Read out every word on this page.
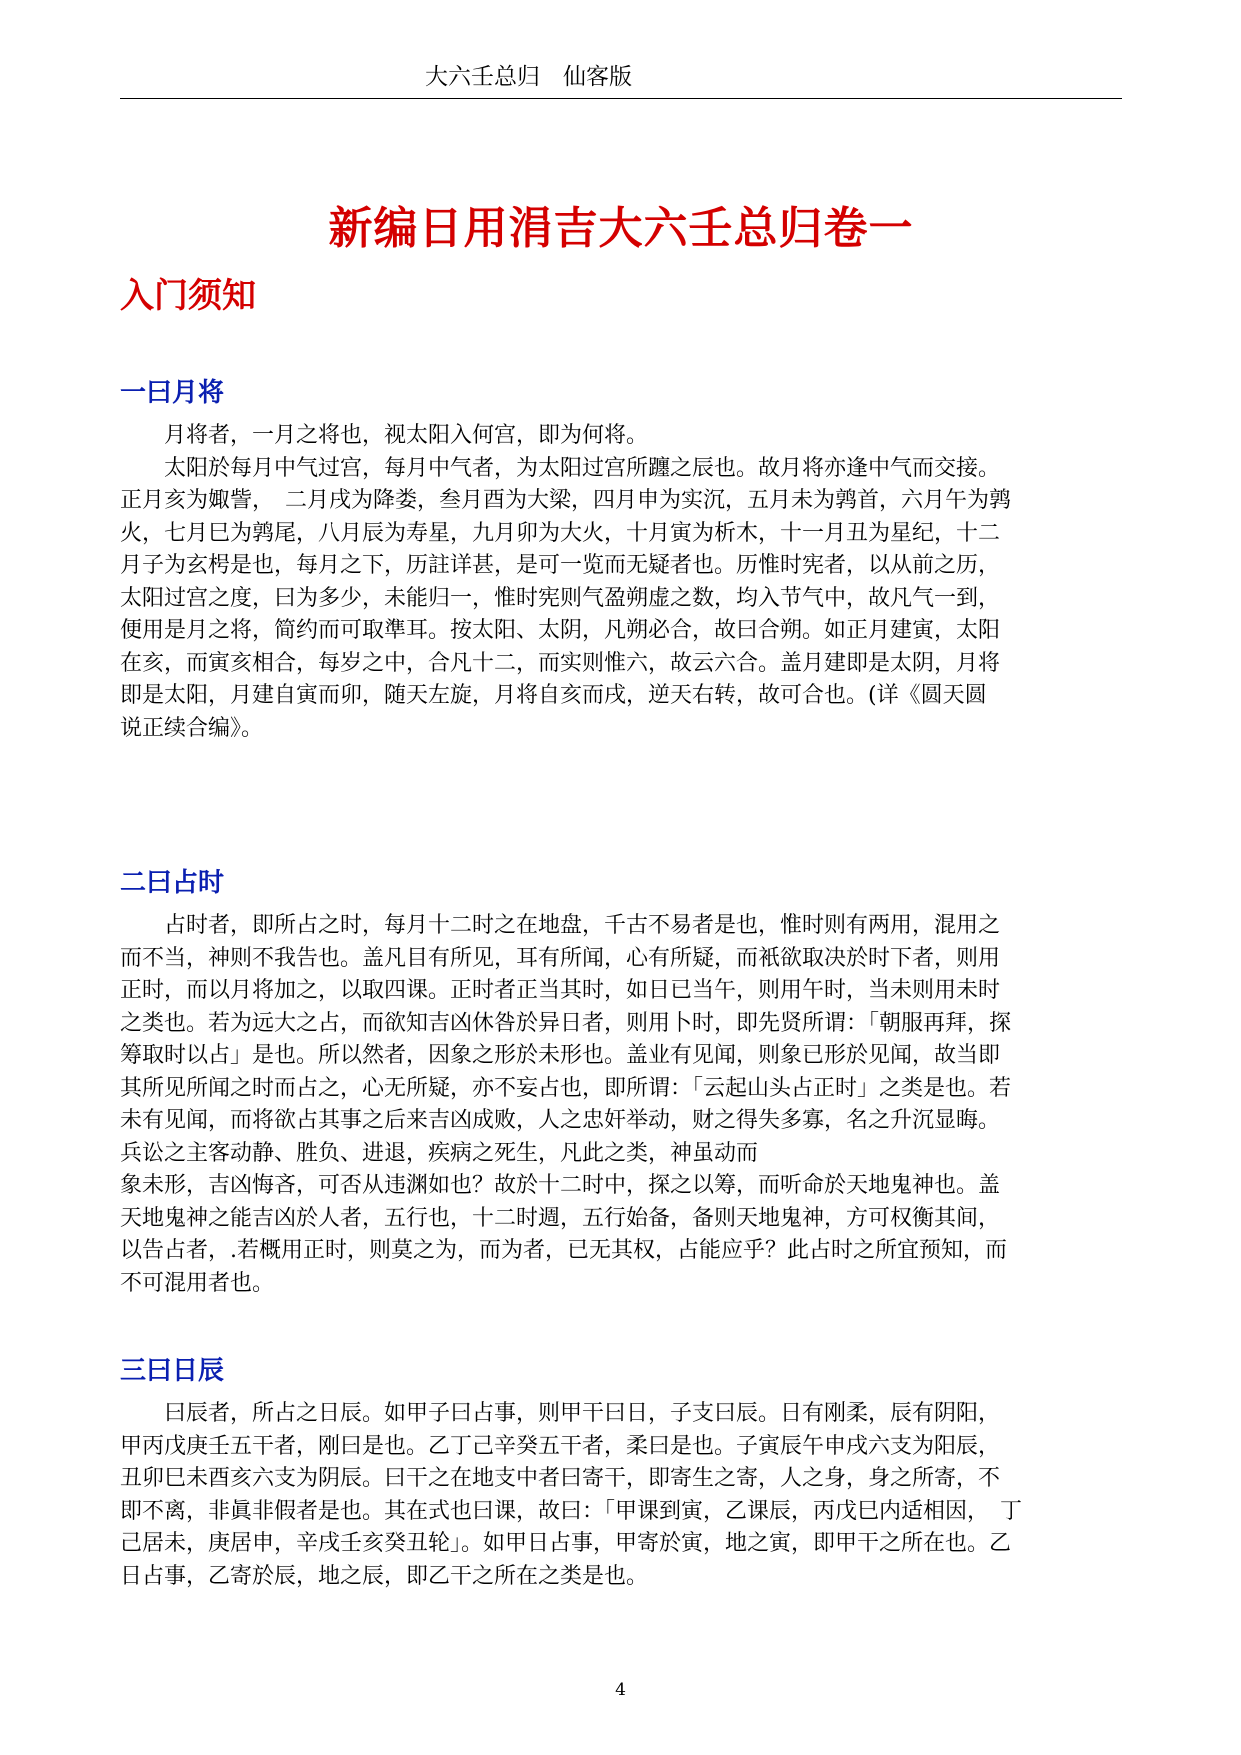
大六壬总归　仙客版
新编日用涓吉大六壬总归卷一
入门须知
一曰月将
　　月将者，一月之将也，视太阳入何宫，即为何将。
　　太阳於每月中气过宫，每月中气者，为太阳过宫所躔之辰也。故月将亦逢中气而交接。
正月亥为娵訾，　二月戌为降娄，叁月酉为大梁，四月申为实沉，五月未为鹑首，六月午为鹑
火，七月巳为鹑尾，八月辰为寿星，九月卯为大火，十月寅为析木，十一月丑为星纪，十二
月子为玄枵是也，每月之下，历註详甚，是可一览而无疑者也。历惟时宪者，以从前之历，
太阳过宫之度，曰为多少，未能归一，惟时宪则气盈朔虚之数，均入节气中，故凡气一到，
便用是月之将，简约而可取準耳。按太阳、太阴，凡朔必合，故曰合朔。如正月建寅，太阳
在亥，而寅亥相合，每岁之中，合凡十二，而实则惟六，故云六合。盖月建即是太阴，月将
即是太阳，月建自寅而卯，随天左旋，月将自亥而戌，逆天右转，故可合也。(详《圆天圆
说正续合编》。
二曰占时
　　占时者，即所占之时，每月十二时之在地盘，千古不易者是也，惟时则有两用，混用之
而不当，神则不我告也。盖凡目有所见，耳有所闻，心有所疑，而衹欲取决於时下者，则用
正时，而以月将加之，以取四课。正时者正当其时，如日已当午，则用午时，当未则用未时
之类也。若为远大之占，而欲知吉凶休咎於异日者，则用卜时，即先贤所谓：「朝服再拜，探
筹取时以占」是也。所以然者，因象之形於未形也。盖业有见闻，则象已形於见闻，故当即
其所见所闻之时而占之，心无所疑，亦不妄占也，即所谓：「云起山头占正时」之类是也。若
未有见闻，而将欲占其事之后来吉凶成败，人之忠奸举动，财之得失多寡，名之升沉显晦。
兵讼之主客动静、胜负、进退，疾病之死生，凡此之类，神虽动而
象未形，吉凶悔吝，可否从违渊如也？故於十二时中，探之以筹，而听命於天地鬼神也。盖
天地鬼神之能吉凶於人者，五行也，十二时週，五行始备，备则天地鬼神，方可权衡其间，
以告占者，.若概用正时，则莫之为，而为者，已无其权，占能应乎？此占时之所宜预知，而
不可混用者也。
三曰日辰
　　曰辰者，所占之日辰。如甲子曰占事，则甲干曰日，子支曰辰。日有刚柔，辰有阴阳，
甲丙戊庚壬五干者，刚曰是也。乙丁己辛癸五干者，柔曰是也。子寅辰午申戌六支为阳辰，
丑卯巳未酉亥六支为阴辰。曰干之在地支中者曰寄干，即寄生之寄，人之身，身之所寄，不
即不离，非眞非假者是也。其在式也曰课，故曰：「甲课到寅，乙课辰，丙戊巳内适相因，　丁
己居未，庚居申，辛戌壬亥癸丑轮」。如甲日占事，甲寄於寅，地之寅，即甲干之所在也。乙
日占事，乙寄於辰，地之辰，即乙干之所在之类是也。
4
